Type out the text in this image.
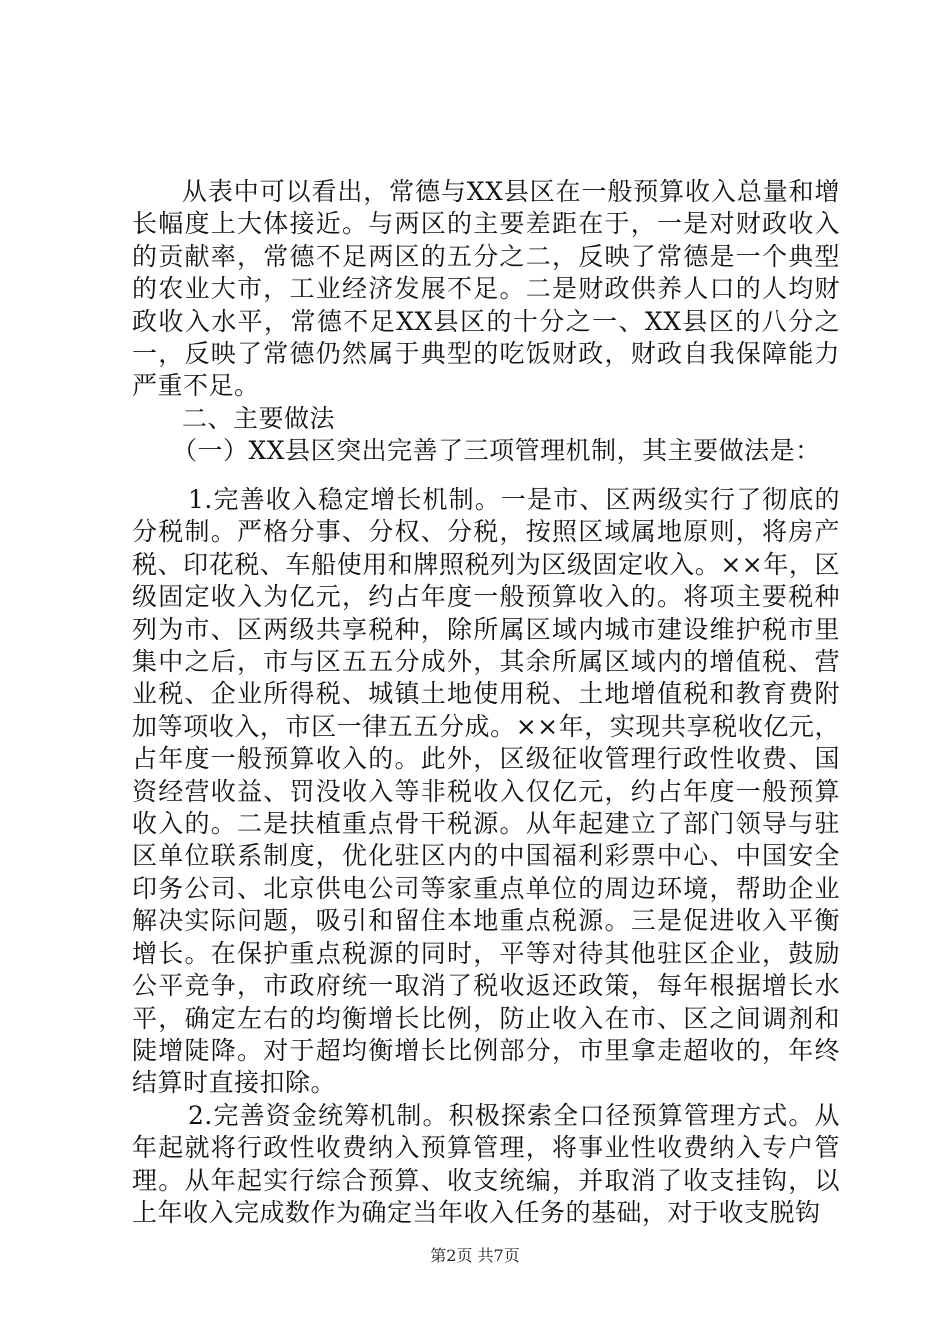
从表中可以看出，常德与XX县区在一般预算收入总量和增长幅度上大体接近。与两区的主要差距在于，一是对财政收入的贡献率，常德不足两区的五分之二，反映了常德是一个典型的农业大市，工业经济发展不足。二是财政供养人口的人均财政收入水平，常德不足XX县区的十分之一、XX县区的八分之一，反映了常德仍然属于典型的吃饭财政，财政自我保障能力严重不足。

二、主要做法

（一）XX县区突出完善了三项管理机制，其主要做法是：

1.完善收入稳定增长机制。一是市、区两级实行了彻底的分税制。严格分事、分权、分税，按照区域属地原则，将房产税、印花税、车船使用和牌照税列为区级固定收入。××年，区级固定收入为亿元，约占年度一般预算收入的。将项主要税种列为市、区两级共享税种，除所属区域内城市建设维护税市里集中之后，市与区五五分成外，其余所属区域内的增值税、营业税、企业所得税、城镇土地使用税、土地增值税和教育费附加等项收入，市区一律五五分成。××年，实现共享税收亿元，占年度一般预算收入的。此外，区级征收管理行政性收费、国资经营收益、罚没收入等非税收入仅亿元，约占年度一般预算收入的。二是扶植重点骨干税源。从年起建立了部门领导与驻区单位联系制度，优化驻区内的中国福利彩票中心、中国安全印务公司、北京供电公司等家重点单位的周边环境，帮助企业解决实际问题，吸引和留住本地重点税源。三是促进收入平衡增长。在保护重点税源的同时，平等对待其他驻区企业，鼓励公平竞争，市政府统一取消了税收返还政策，每年根据增长水平，确定左右的均衡增长比例，防止收入在市、区之间调剂和陡增陡降。对于超均衡增长比例部分，市里拿走超收的，年终结算时直接扣除。

2.完善资金统筹机制。积极探索全口径预算管理方式。从年起就将行政性收费纳入预算管理，将事业性收费纳入专户管理。从年起实行综合预算、收支统编，并取消了收支挂钩，以上年收入完成数作为确定当年收入任务的基础，对于收支脱钩

第2页 共7页
